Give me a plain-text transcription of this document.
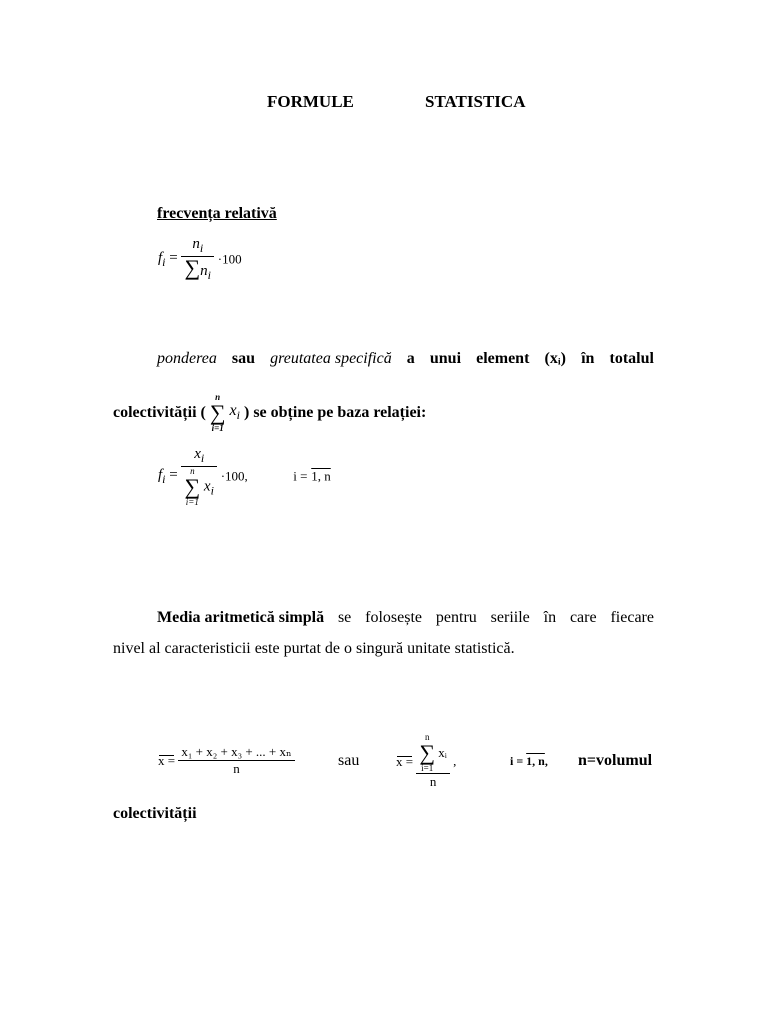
FORMULE	STATISTICA
frecvența relativă
$f_i = \frac{n_i}{\sum n_i} \cdot 100$
ponderea sau greutatea specifică a unui element (xᵢ) în totalul
colectivității (
n
∑
i=1
$x_i$ ) se obține pe baza relației:
$f_i = x_i$
n
∑
i=1
$x_i \cdot 100$,	i = 1, n
Media aritmetică simplă se folosește pentru seriile în care fiecare
nivel al caracteristicii este purtat de o singură unitate statistică.
$x = \frac{\text{x₁ + x₂ + x₃ + ... + xₙ}}{n}$	sau	x = n
∑
i=1
xᵢ
n ,	i = 1, n, n=volumul
colectivității
